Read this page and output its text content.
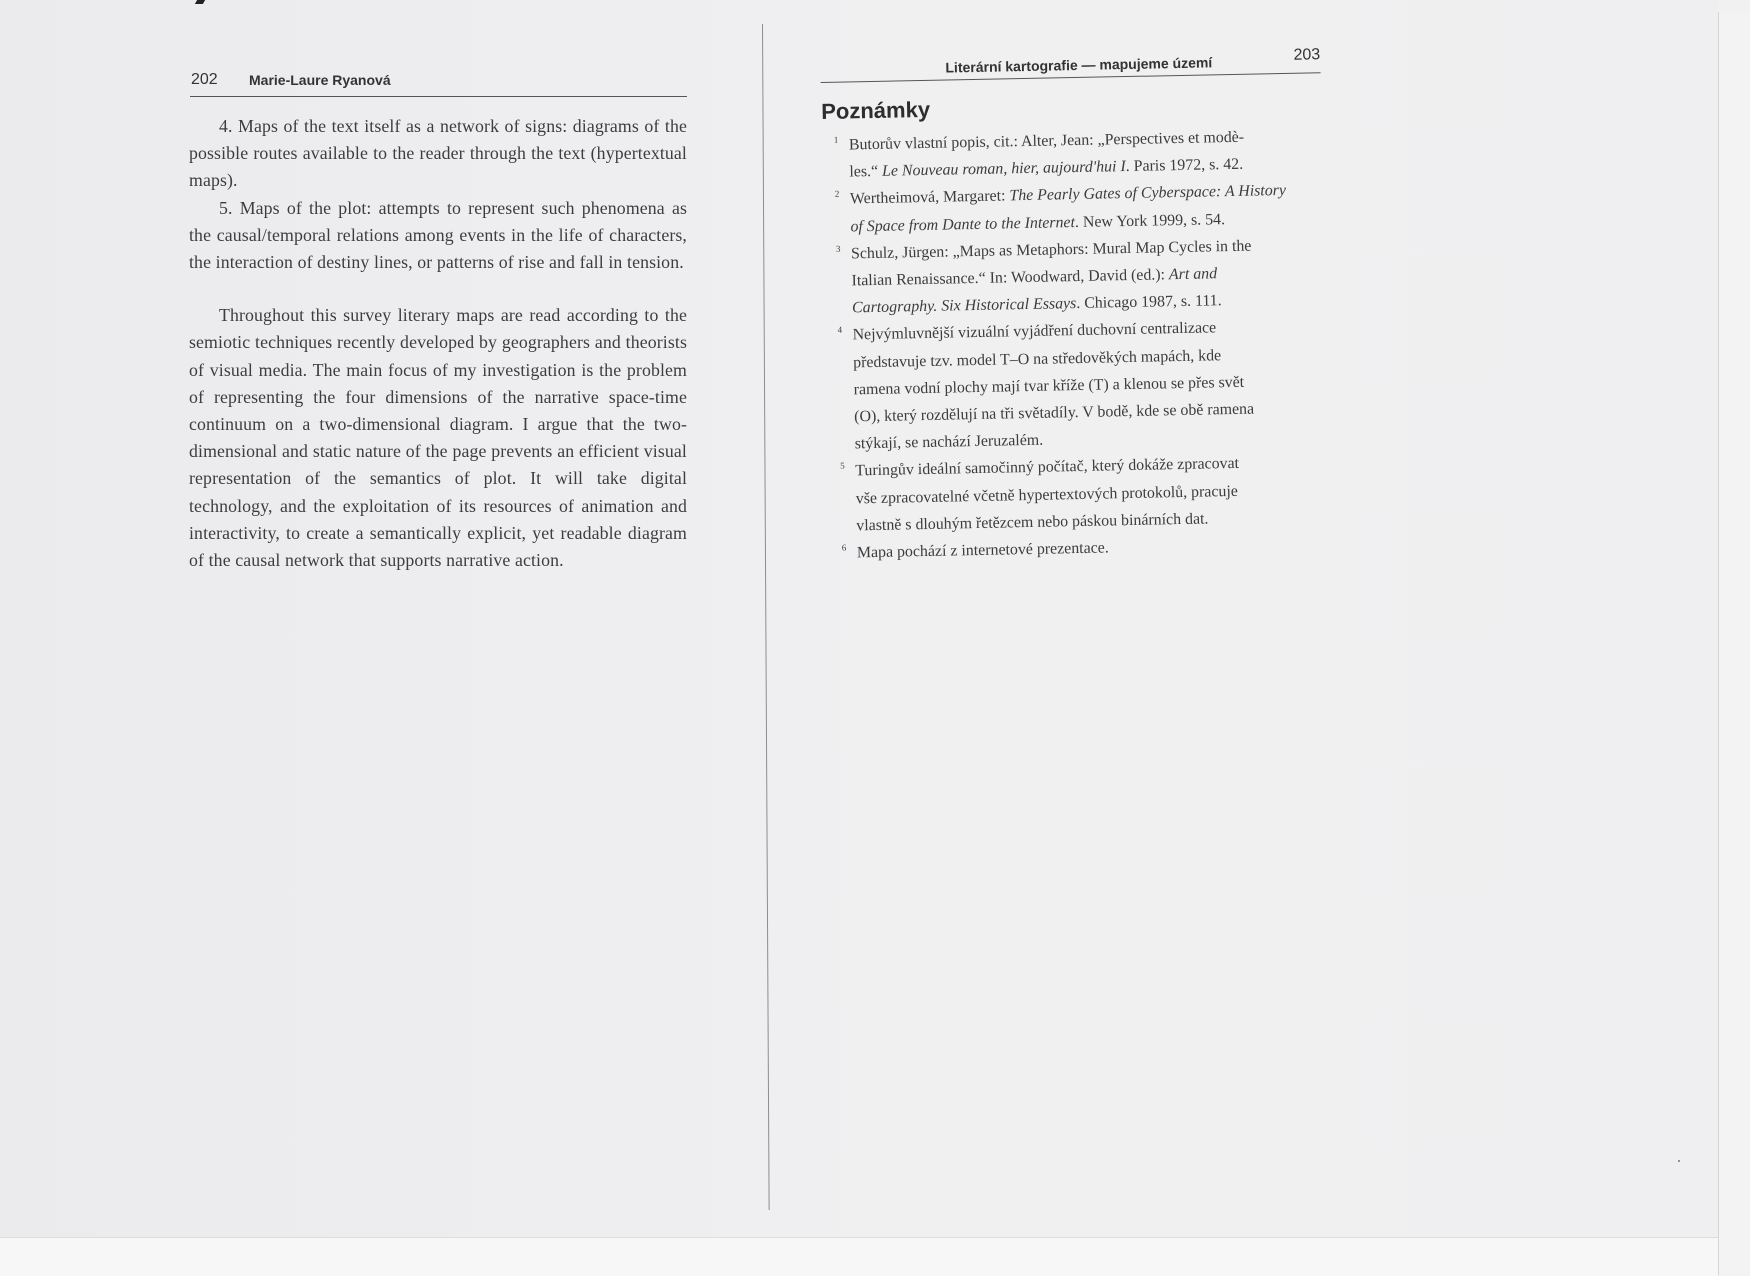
202 Marie-Laure Ryanová

4. Maps of the text itself as a network of signs: diagrams of the possible routes available to the reader through the text (hypertextual maps).

5. Maps of the plot: attempts to represent such phenomena as the causal/temporal relations among events in the life of characters, the interaction of destiny lines, or patterns of rise and fall in tension.

Throughout this survey literary maps are read according to the semiotic techniques recently developed by geographers and theorists of visual media. The main focus of my investigation is the problem of representing the four dimensions of the narrative space-time continuum on a two-dimensional diagram. I argue that the two-dimensional and static nature of the page prevents an efficient visual representation of the semantics of plot. It will take digital technology, and the exploitation of its resources of animation and interactivity, to create a semantically explicit, yet readable diagram of the causal network that supports narrative action.

Literární kartografie — mapujeme území	203
Poznámky
1 Butorův vlastní popis, cit.: Alter, Jean: „Perspectives et modè-
les.“ Le Nouveau roman, hier, aujourd'hui I. Paris 1972, s. 42.
2 Wertheimová, Margaret: The Pearly Gates of Cyberspace: A History
of Space from Dante to the Internet. New York 1999, s. 54.
3 Schulz, Jürgen: „Maps as Metaphors: Mural Map Cycles in the
Italian Renaissance.“ In: Woodward, David (ed.): Art and
Cartography. Six Historical Essays. Chicago 1987, s. 111.
4 Nejvýmluvnější vizuální vyjádření duchovní centralizace
představuje tzv. model T–O na středověkých mapách, kde
ramena vodní plochy mají tvar kříže (T) a klenou se přes svět
(O), který rozdělují na tři světadíly. V bodě, kde se obě ramena
stýkají, se nachází Jeruzalém.
5 Turingův ideální samočinný počítač, který dokáže zpracovat
vše zpracovatelné včetně hypertextových protokolů, pracuje
vlastně s dlouhým řetězcem nebo páskou binárních dat.
6 Mapa pochází z internetové prezentace.
